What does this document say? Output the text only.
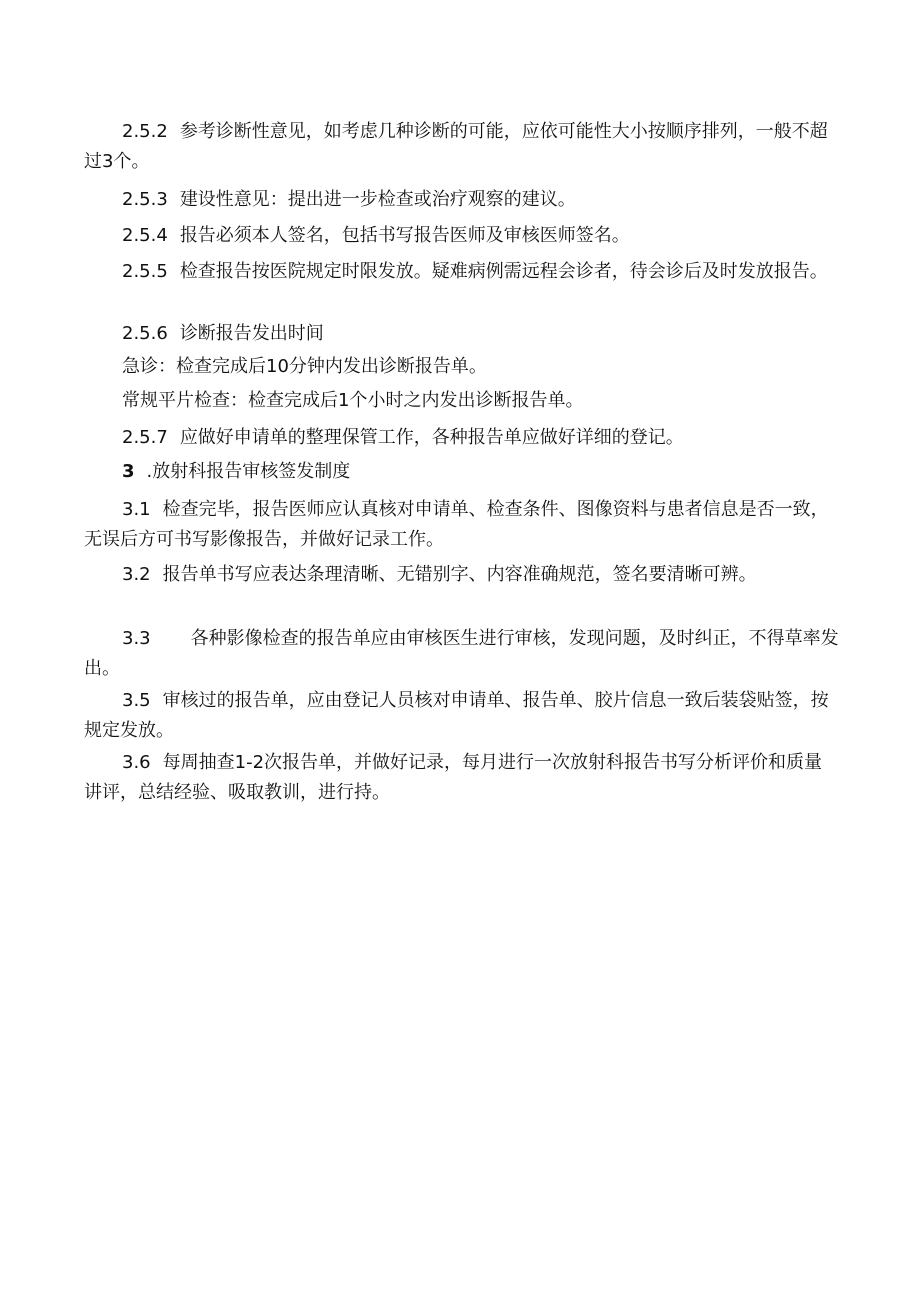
2.5.2 参考诊断性意见，如考虑几种诊断的可能，应依可能性大小按顺序排列，一般不超过3个。

2.5.3 建设性意见：提出进一步检查或治疗观察的建议。

2.5.4 报告必须本人签名，包括书写报告医师及审核医师签名。

2.5.5 检查报告按医院规定时限发放。疑难病例需远程会诊者，待会诊后及时发放报告。

2.5.6 诊断报告发出时间

急诊：检查完成后10分钟内发出诊断报告单。

常规平片检查：检查完成后1个小时之内发出诊断报告单。

2.5.7 应做好申请单的整理保管工作，各种报告单应做好详细的登记。

3 .放射科报告审核签发制度

3.1 检查完毕，报告医师应认真核对申请单、检查条件、图像资料与患者信息是否一致，无误后方可书写影像报告，并做好记录工作。

3.2 报告单书写应表达条理清晰、无错别字、内容准确规范，签名要清晰可辨。

3.3 各种影像检查的报告单应由审核医生进行审核，发现问题，及时纠正，不得草率发出。

3.5 审核过的报告单，应由登记人员核对申请单、报告单、胶片信息一致后装袋贴签，按规定发放。

3.6 每周抽查1-2次报告单，并做好记录，每月进行一次放射科报告书写分析评价和质量讲评，总结经验、吸取教训，进行持。
